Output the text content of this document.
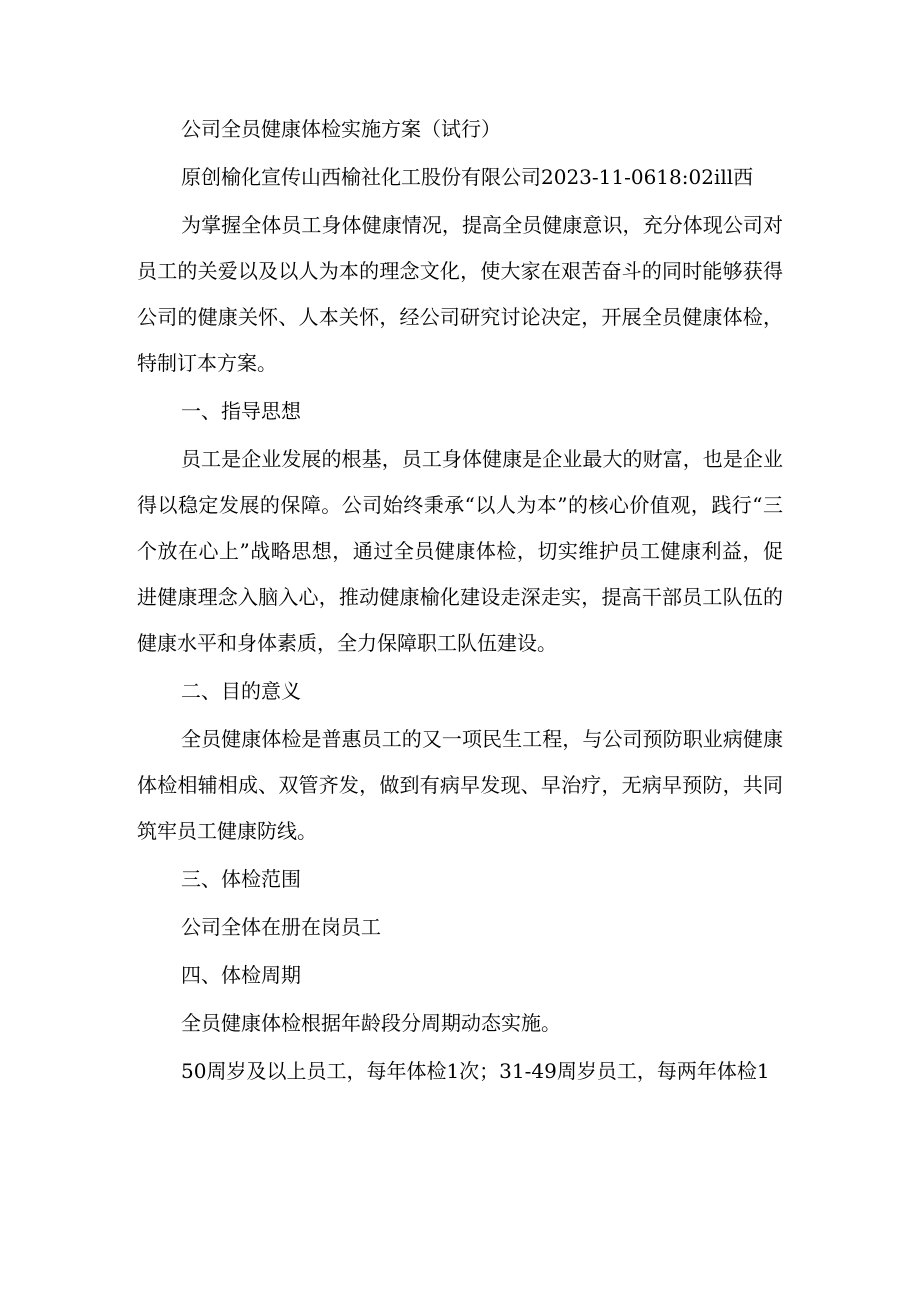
公司全员健康体检实施方案（试行）

原创榆化宣传山西榆社化工股份有限公司2023-11-0618:02ill西

为掌握全体员工身体健康情况，提高全员健康意识，充分体现公司对员工的关爱以及以人为本的理念文化，使大家在艰苦奋斗的同时能够获得公司的健康关怀、人本关怀，经公司研究讨论决定，开展全员健康体检，特制订本方案。

一、指导思想

员工是企业发展的根基，员工身体健康是企业最大的财富，也是企业得以稳定发展的保障。公司始终秉承“以人为本”的核心价值观，践行“三个放在心上”战略思想，通过全员健康体检，切实维护员工健康利益，促进健康理念入脑入心，推动健康榆化建设走深走实，提高干部员工队伍的健康水平和身体素质，全力保障职工队伍建设。

二、目的意义

全员健康体检是普惠员工的又一项民生工程，与公司预防职业病健康体检相辅相成、双管齐发，做到有病早发现、早治疗，无病早预防，共同筑牢员工健康防线。

三、体检范围

公司全体在册在岗员工

四、体检周期

全员健康体检根据年龄段分周期动态实施。

50周岁及以上员工，每年体检1次；31-49周岁员工，每两年体检1
